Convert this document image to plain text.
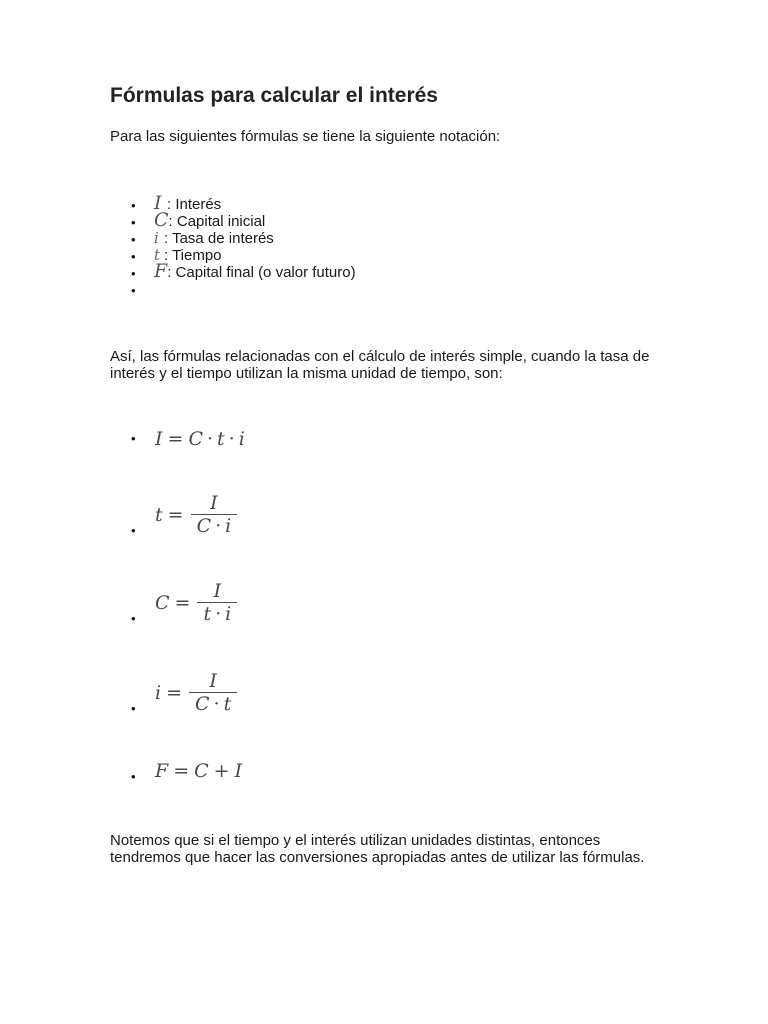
Fórmulas para calcular el interés
Para las siguientes fórmulas se tiene la siguiente notación:
• I : Interés
• C: Capital inicial
• i : Tasa de interés
• t : Tiempo
• F: Capital final (o valor futuro)
•
Así, las fórmulas relacionadas con el cálculo de interés simple, cuando la tasa de interés y el tiempo utilizan la misma unidad de tiempo, son:
• I = C · t · i
•
$t = \frac{I}{C \cdot i}$
•
$C = \frac{I}{t \cdot i}$
•
$i = \frac{I}{C \cdot t}$
• F = C + I
Notemos que si el tiempo y el interés utilizan unidades distintas, entonces tendremos que hacer las conversiones apropiadas antes de utilizar las fórmulas.
